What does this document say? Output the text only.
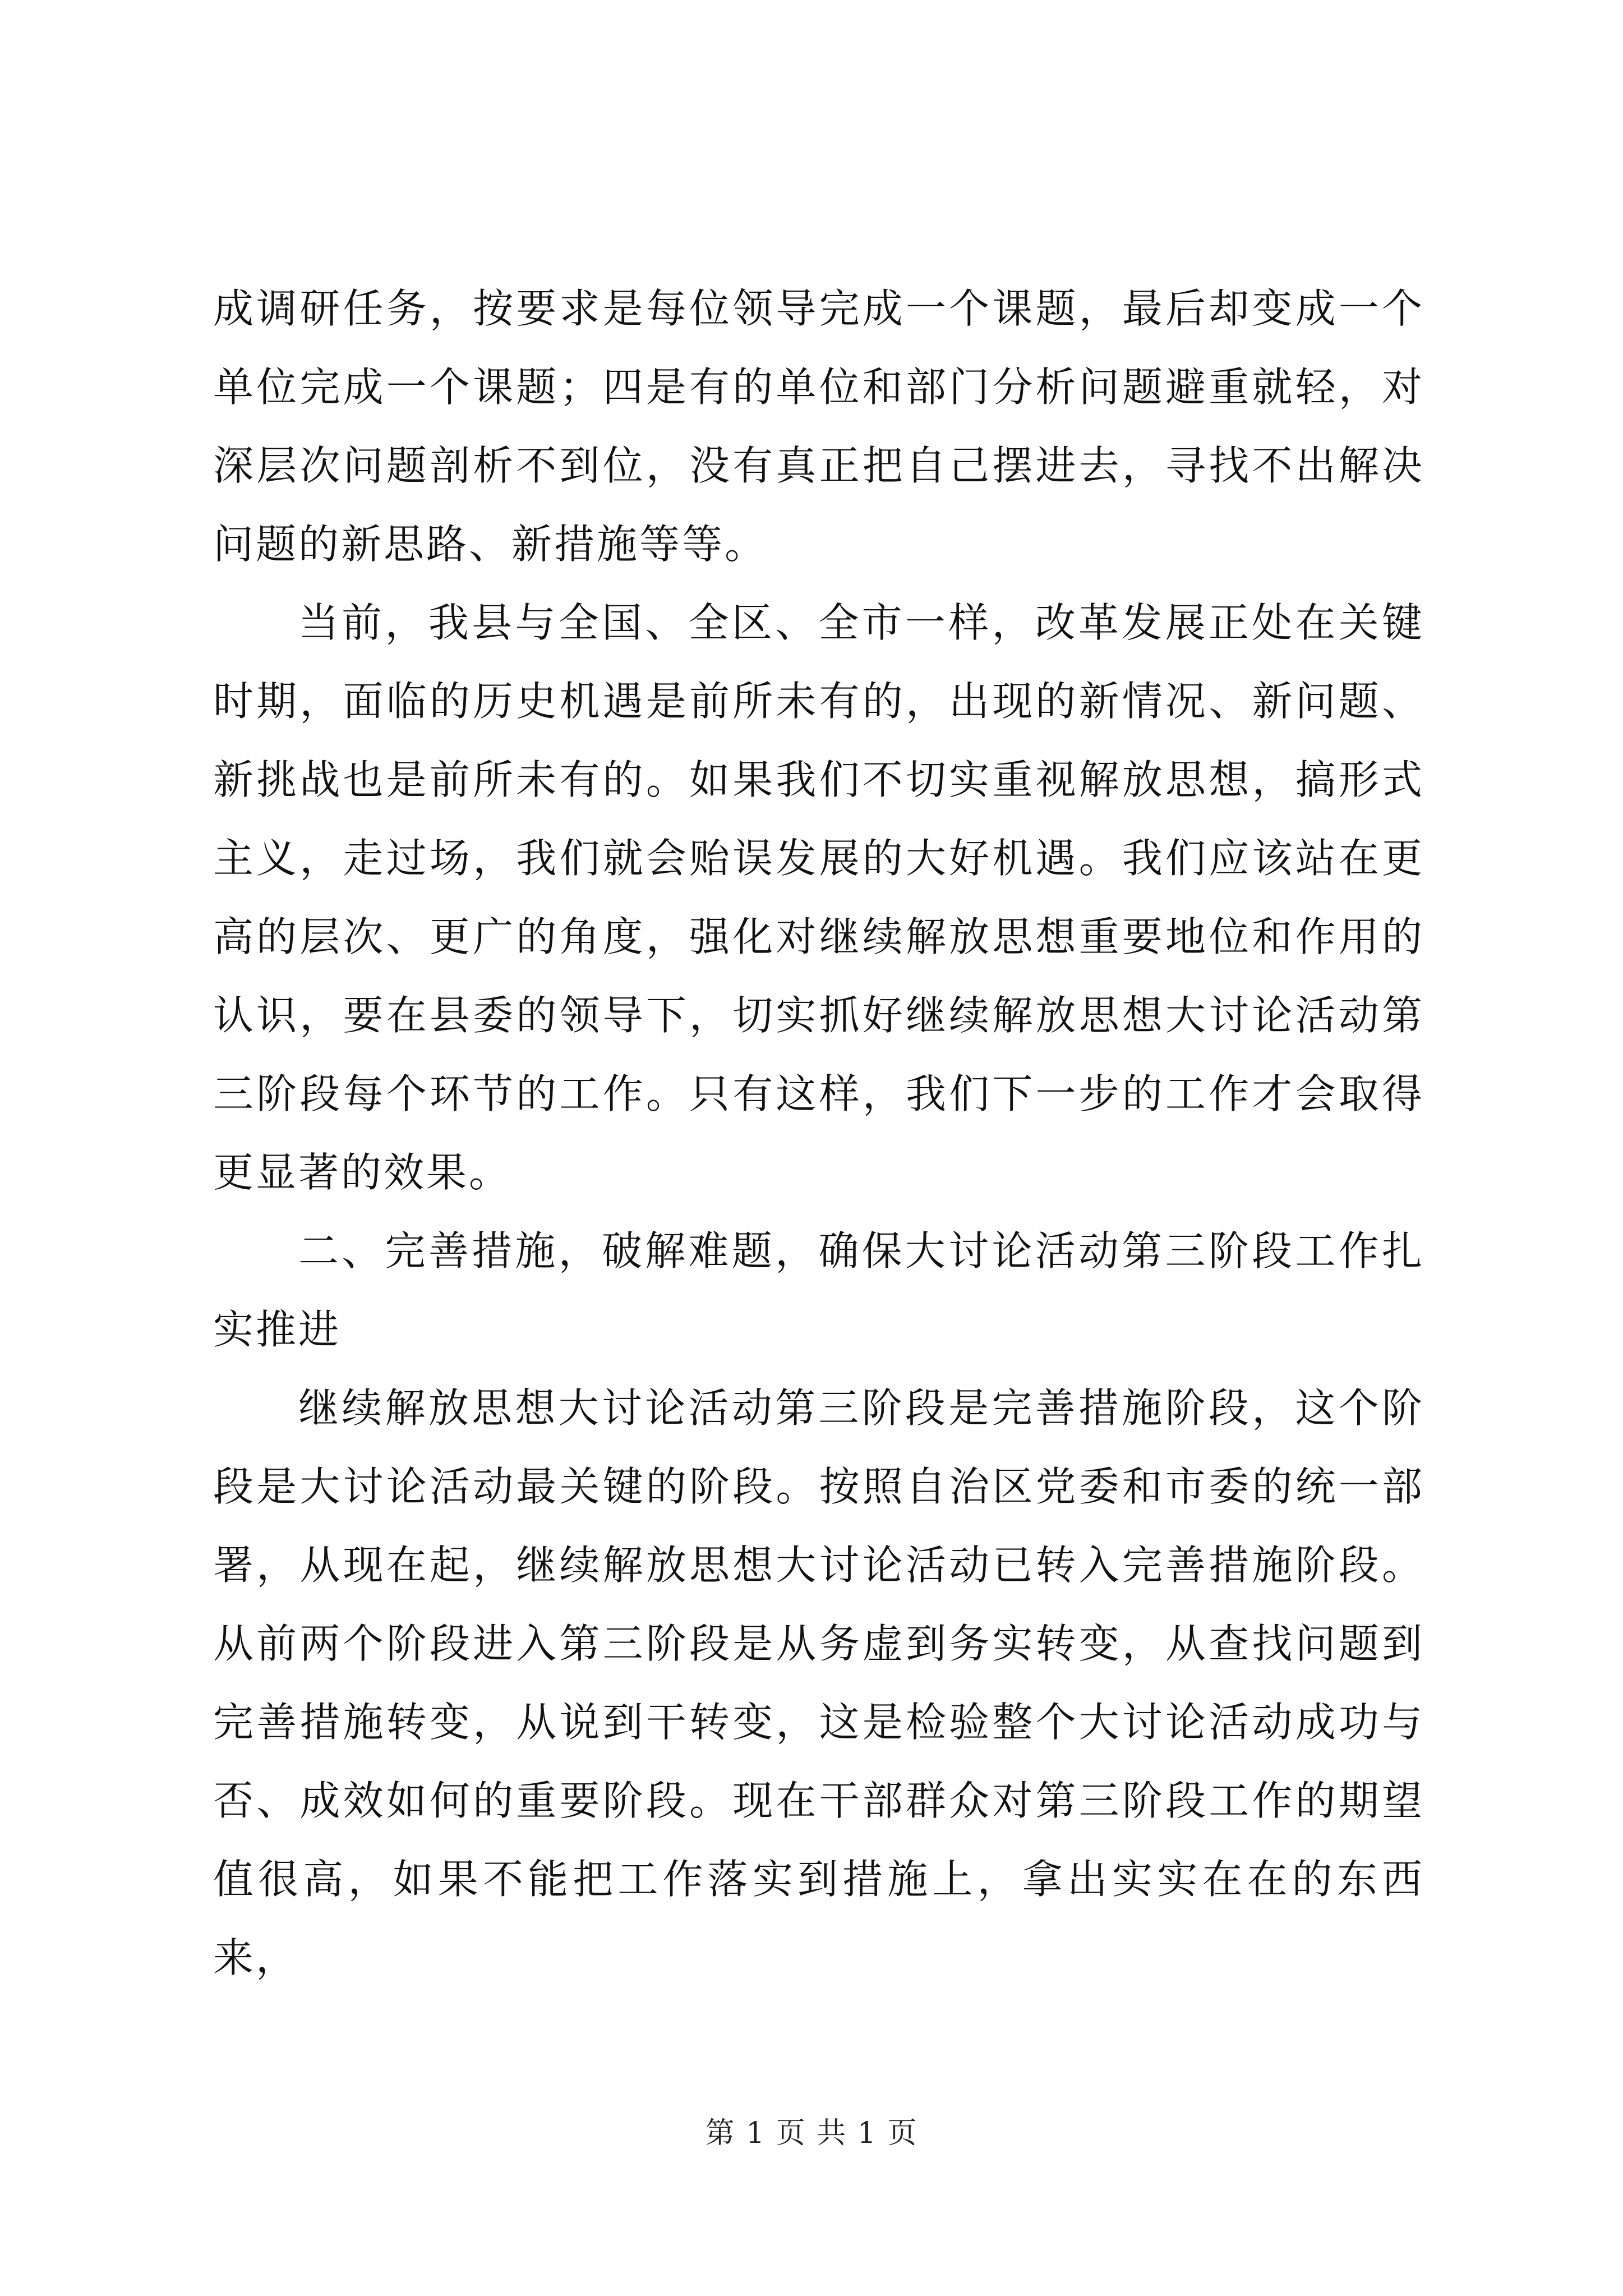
成调研任务，按要求是每位领导完成一个课题，最后却变成一个单位完成一个课题；四是有的单位和部门分析问题避重就轻，对深层次问题剖析不到位，没有真正把自己摆进去，寻找不出解决问题的新思路、新措施等等。

当前，我县与全国、全区、全市一样，改革发展正处在关键时期，面临的历史机遇是前所未有的，出现的新情况、新问题、新挑战也是前所未有的。如果我们不切实重视解放思想，搞形式主义，走过场，我们就会贻误发展的大好机遇。我们应该站在更高的层次、更广的角度，强化对继续解放思想重要地位和作用的认识，要在县委的领导下，切实抓好继续解放思想大讨论活动第三阶段每个环节的工作。只有这样，我们下一步的工作才会取得更显著的效果。

二、完善措施，破解难题，确保大讨论活动第三阶段工作扎实推进

继续解放思想大讨论活动第三阶段是完善措施阶段，这个阶段是大讨论活动最关键的阶段。按照自治区党委和市委的统一部署，从现在起，继续解放思想大讨论活动已转入完善措施阶段。从前两个阶段进入第三阶段是从务虚到务实转变，从查找问题到完善措施转变，从说到干转变，这是检验整个大讨论活动成功与否、成效如何的重要阶段。现在干部群众对第三阶段工作的期望值很高，如果不能把工作落实到措施上，拿出实实在在的东西来，

第 1 页 共 1 页
